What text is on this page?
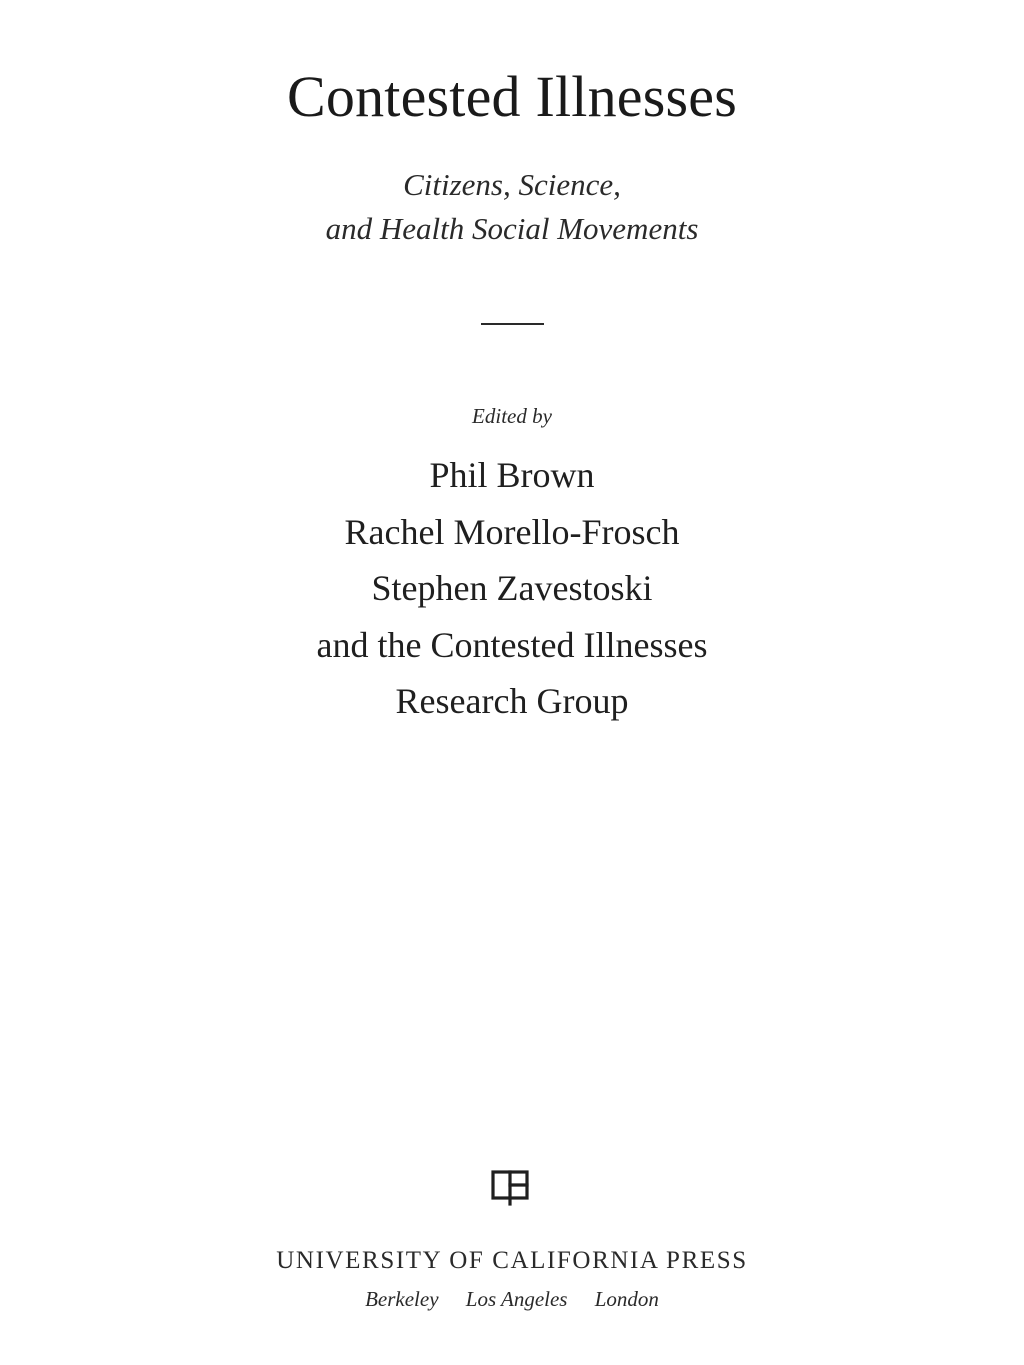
Contested Illnesses
Citizens, Science,
and Health Social Movements
Edited by
Phil Brown
Rachel Morello-Frosch
Stephen Zavestoski
and the Contested Illnesses
Research Group
UNIVERSITY OF CALIFORNIA PRESS
Berkeley Los Angeles London
